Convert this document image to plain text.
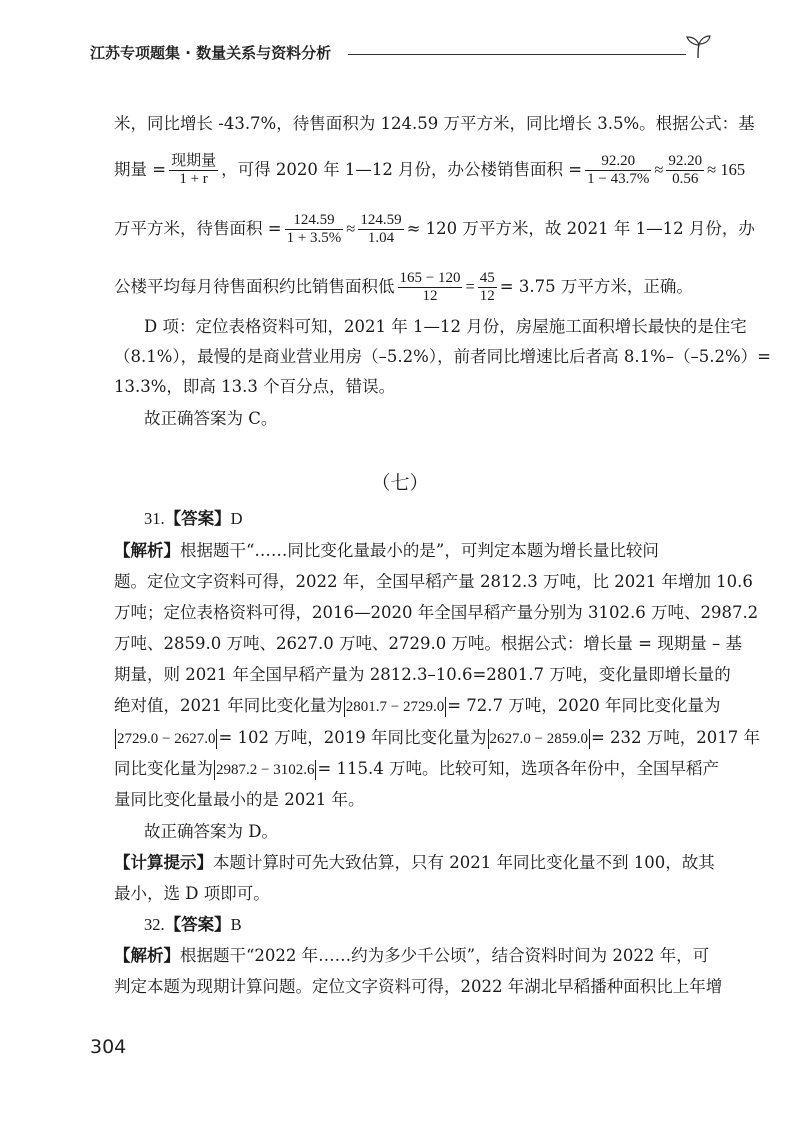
江苏专项题集 · 数量关系与资料分析
米，同比增长 -43.7%，待售面积为 124.59 万平方米，同比增长 3.5%。根据公式：基
期量 = $\frac{\text{现期量}}{1 + r}$ ，可得 2020 年 1—12 月份，办公楼销售面积 = $\frac{92.20}{1 - 43.7\%} \approx \frac{92.20}{0.56} \approx 165$
万平方米，待售面积 = $\frac{124.59}{1 + 3.5\%} \approx \frac{124.59}{1.04} \approx 120$ 万平方米，故 2021 年 1—12 月份，办
公楼平均每月待售面积约比销售面积低 $\frac{165 - 120}{12} = \frac{45}{12} = 3.75$ 万平方米，正确。
D 项：定位表格资料可知，2021 年 1—12 月份，房屋施工面积增长最快的是住宅
（8.1%），最慢的是商业营业用房（–5.2%），前者同比增速比后者高 8.1%–（–5.2%）=
13.3%，即高 13.3 个百分点，错误。
故正确答案为 C。
（七）
31.【答案】D
【解析】根据题干“……同比变化量最小的是”，可判定本题为增长量比较问
题。定位文字资料可得，2022 年，全国早稻产量 2812.3 万吨，比 2021 年增加 10.6
万吨；定位表格资料可得，2016—2020 年全国早稻产量分别为 3102.6 万吨、2987.2
万吨、2859.0 万吨、2627.0 万吨、2729.0 万吨。根据公式：增长量 = 现期量 – 基
期量，则 2021 年全国早稻产量为 2812.3–10.6=2801.7 万吨，变化量即增长量的
绝对值，2021 年同比变化量为 2801.7 − 2729.0 = 72.7 万吨，2020 年同比变化量为
2729.0 − 2627.0 = 102 万吨，2019 年同比变化量为 2627.0 − 2859.0 = 232 万吨，2017 年
同比变化量为 2987.2 − 3102.6 = 115.4 万吨。比较可知，选项各年份中，全国早稻产
量同比变化量最小的是 2021 年。
故正确答案为 D。
【计算提示】本题计算时可先大致估算，只有 2021 年同比变化量不到 100，故其
最小，选 D 项即可。
32.【答案】B
【解析】根据题干“2022 年……约为多少千公顷”，结合资料时间为 2022 年，可
判定本题为现期计算问题。定位文字资料可得，2022 年湖北早稻播种面积比上年增
304
